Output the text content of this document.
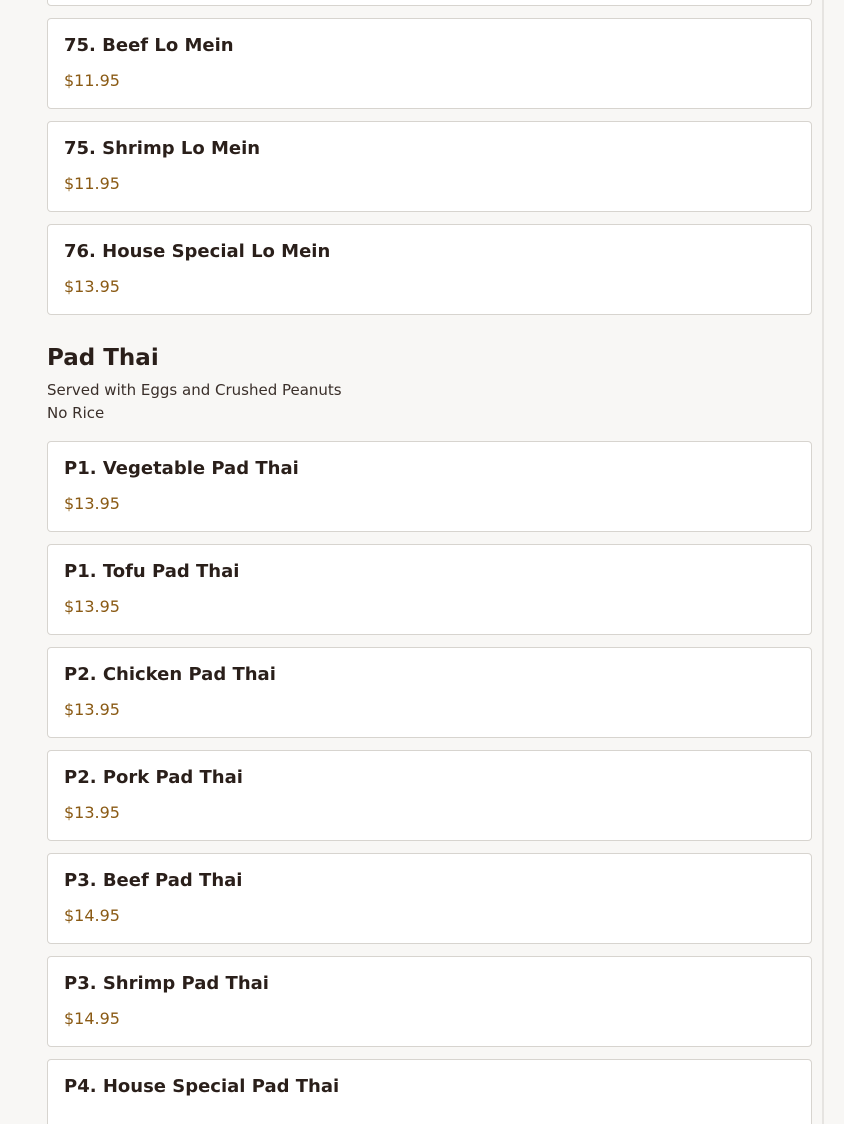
75. Beef Lo Mein
$11.95
75. Shrimp Lo Mein
$11.95
76. House Special Lo Mein
$13.95
Pad Thai
Served with Eggs and Crushed Peanuts
No Rice
P1. Vegetable Pad Thai
$13.95
P1. Tofu Pad Thai
$13.95
P2. Chicken Pad Thai
$13.95
P2. Pork Pad Thai
$13.95
P3. Beef Pad Thai
$14.95
P3. Shrimp Pad Thai
$14.95
P4. House Special Pad Thai
